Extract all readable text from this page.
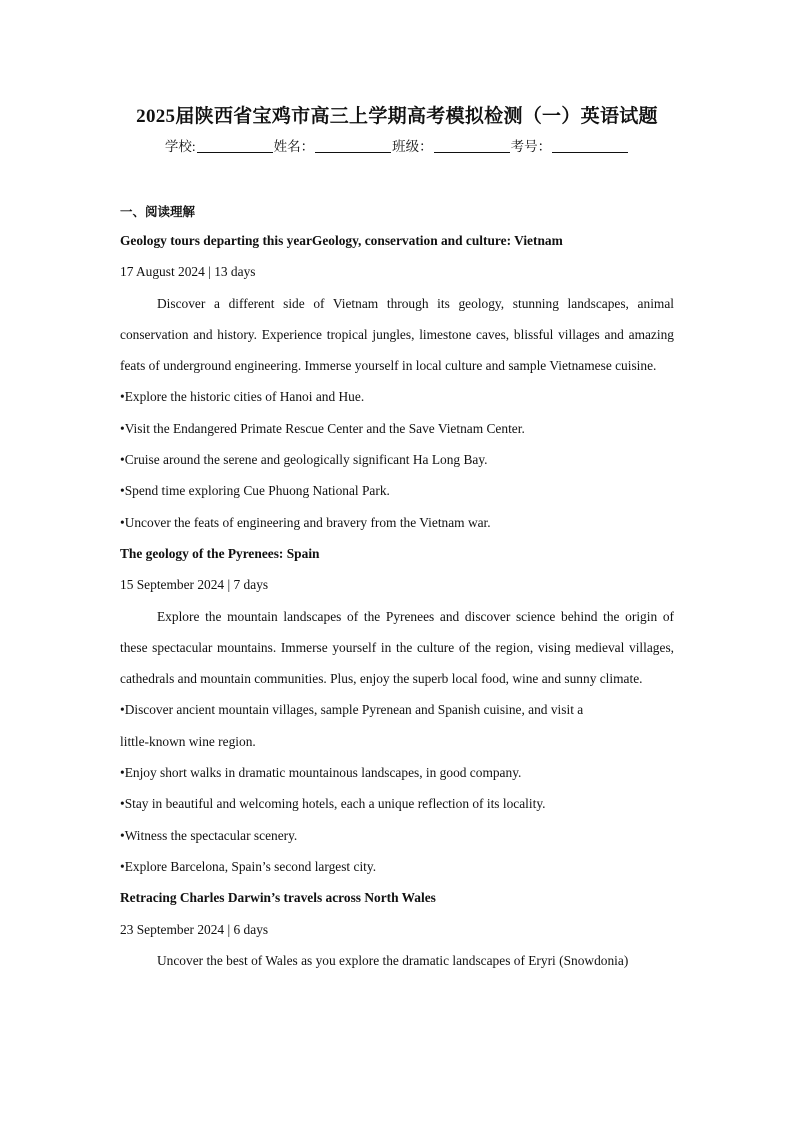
2025届陕西省宝鸡市高三上学期高考模拟检测（一）英语试题
学校:	姓名：	班级：	考号：
一、阅读理解
Geology tours departing this yearGeology, conservation and culture: Vietnam
17 August 2024 | 13 days

Discover a different side of Vietnam through its geology, stunning landscapes, animal conservation and history. Experience tropical jungles, limestone caves, blissful villages and amazing feats of underground engineering. Immerse yourself in local culture and sample Vietnamese cuisine.

•Explore the historic cities of Hanoi and Hue.
•Visit the Endangered Primate Rescue Center and the Save Vietnam Center.
•Cruise around the serene and geologically significant Ha Long Bay.
•Spend time exploring Cue Phuong National Park.
•Uncover the feats of engineering and bravery from the Vietnam war.
The geology of the Pyrenees: Spain
15 September 2024 | 7 days

Explore the mountain landscapes of the Pyrenees and discover science behind the origin of these spectacular mountains. Immerse yourself in the culture of the region, vising medieval villages, cathedrals and mountain communities. Plus, enjoy the superb local food, wine and sunny climate.

•Discover ancient mountain villages, sample Pyrenean and Spanish cuisine, and visit a little-known wine region.
•Enjoy short walks in dramatic mountainous landscapes, in good company.
•Stay in beautiful and welcoming hotels, each a unique reflection of its locality.
•Witness the spectacular scenery.
•Explore Barcelona, Spain’s second largest city.
Retracing Charles Darwin’s travels across North Wales
23 September 2024 | 6 days

Uncover the best of Wales as you explore the dramatic landscapes of Eryri (Snowdonia)
